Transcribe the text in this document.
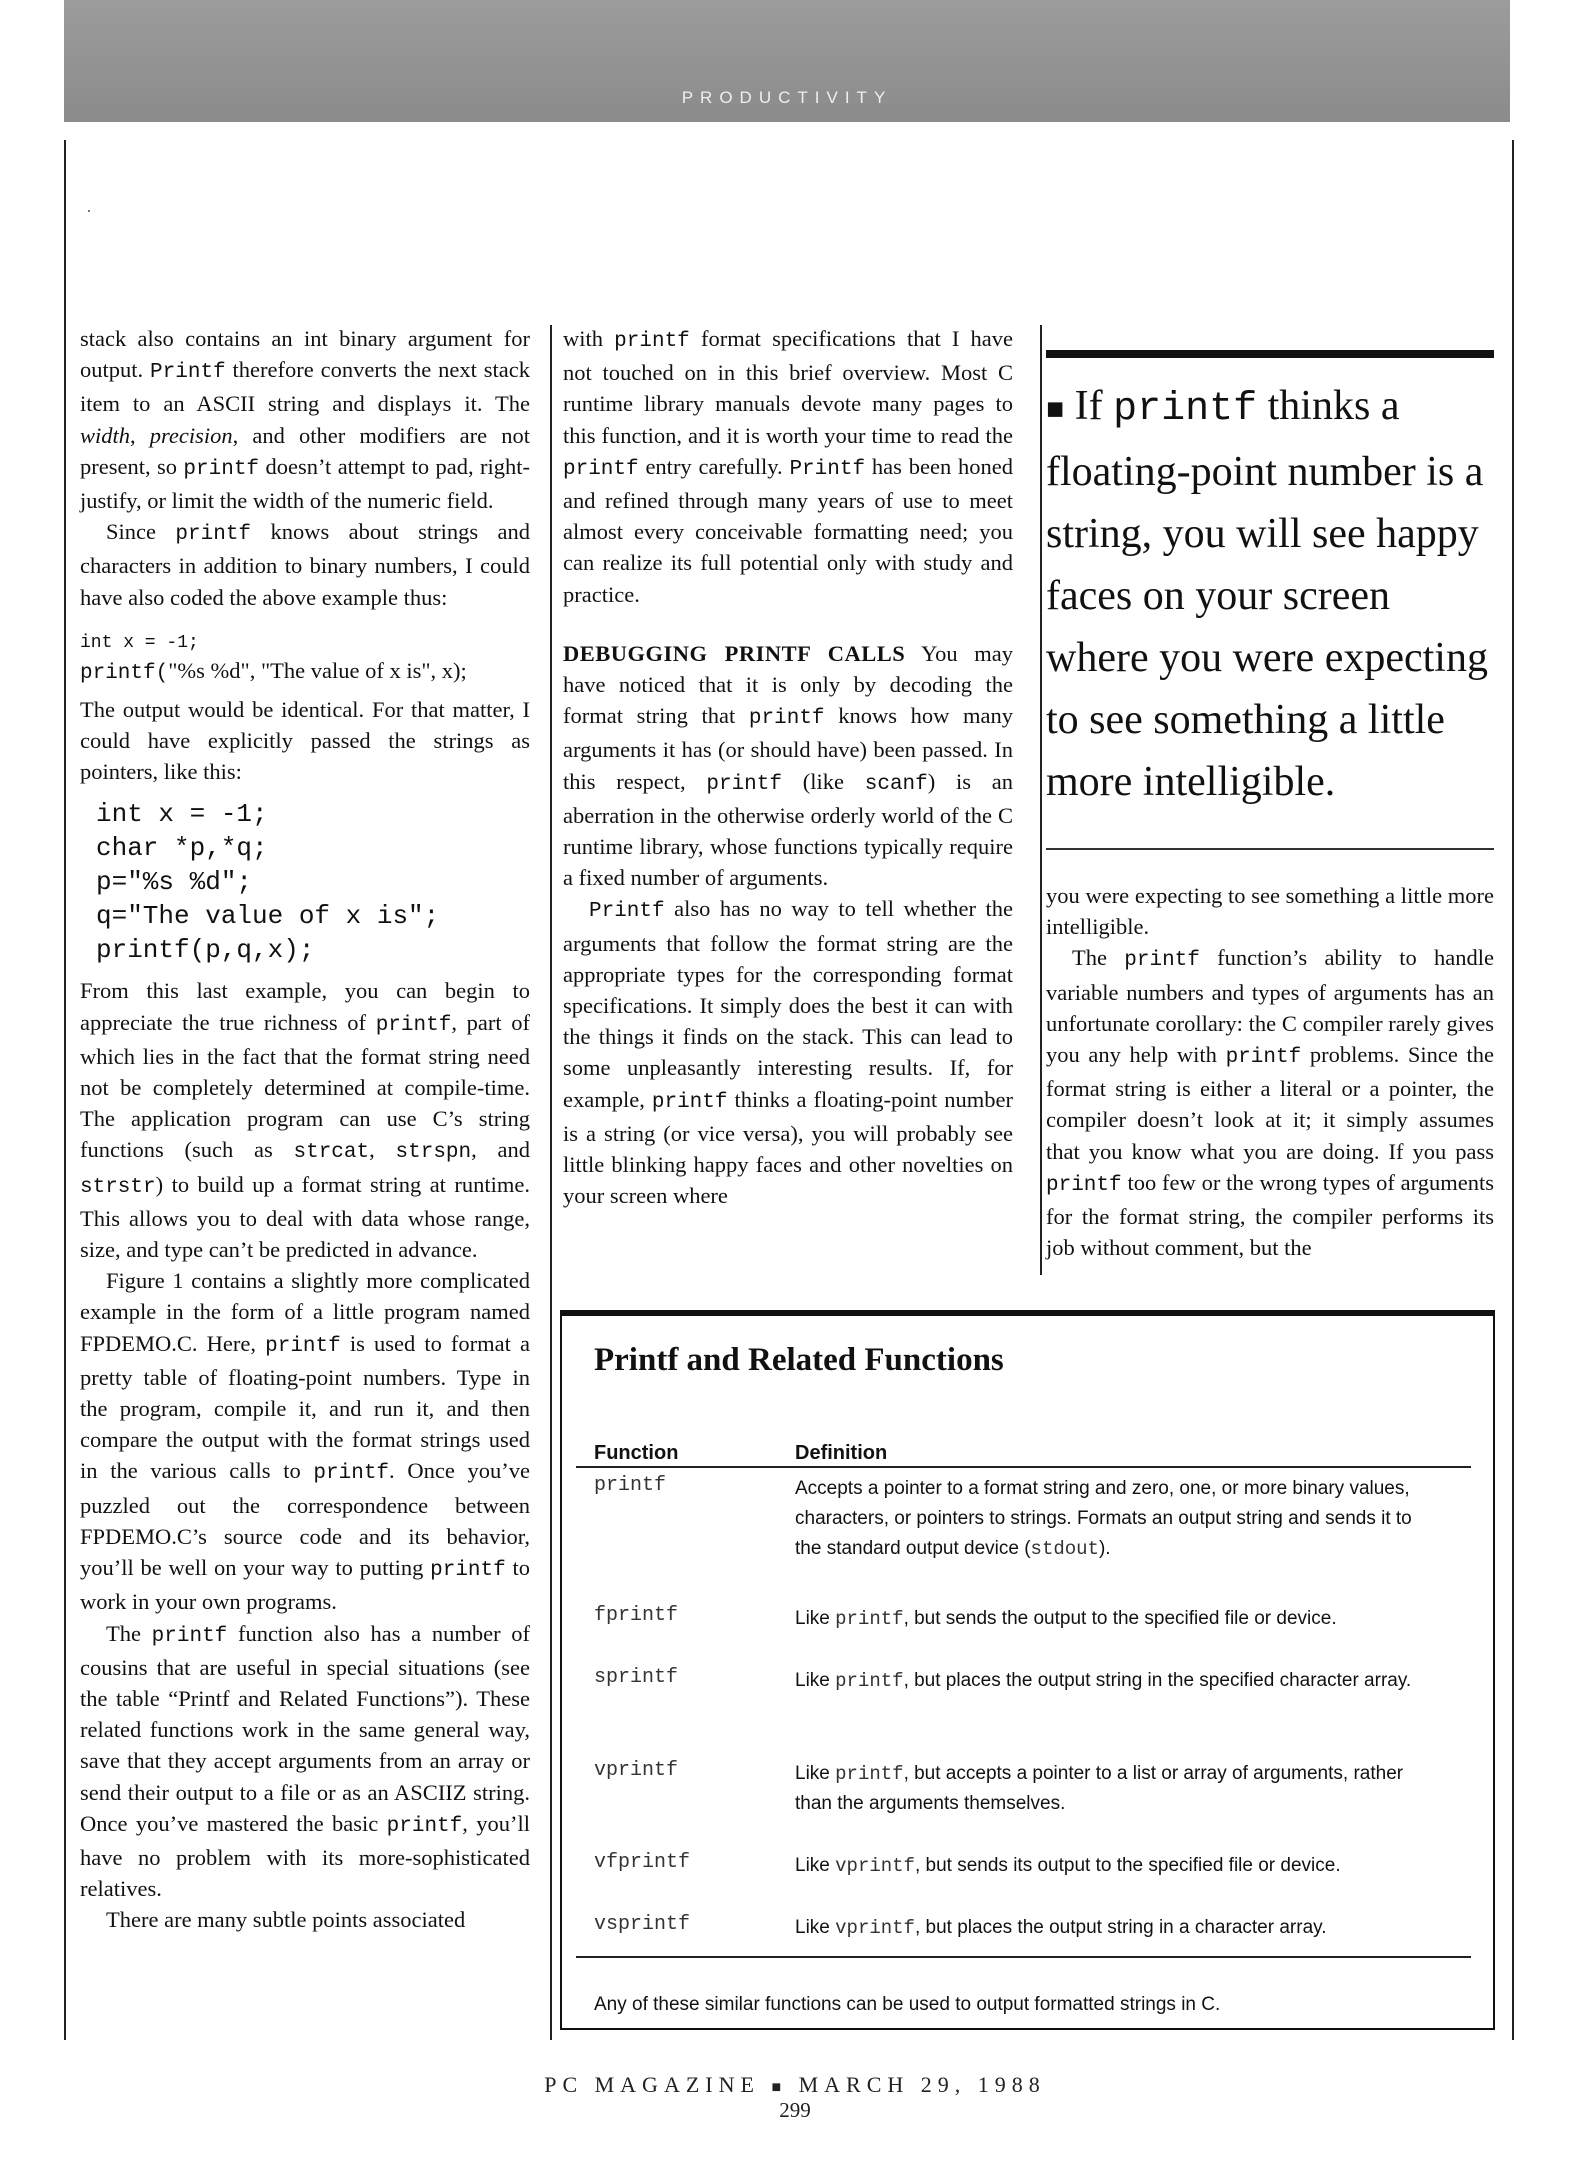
PRODUCTIVITY

stack also contains an int binary argument for output. Printf therefore converts the next stack item to an ASCII string and displays it. The width, precision, and other modifiers are not present, so printf doesn’t attempt to pad, right-justify, or limit the width of the numeric field.

Since printf knows about strings and characters in addition to binary numbers, I could have also coded the above example thus:

int x = -1;
printf("%s %d", "The value of x is", x);

The output would be identical. For that matter, I could have explicitly passed the strings as pointers, like this:

int x = -1;
char *p,*q;
p="%s %d";
q="The value of x is";
printf(p,q,x);

From this last example, you can begin to appreciate the true richness of printf, part of which lies in the fact that the format string need not be completely determined at compile-time. The application program can use C’s string functions (such as strcat, strspn, and strstr) to build up a format string at runtime. This allows you to deal with data whose range, size, and type can’t be predicted in advance.

Figure 1 contains a slightly more complicated example in the form of a little program named FPDEMO.C. Here, printf is used to format a pretty table of floating-point numbers. Type in the program, compile it, and run it, and then compare the output with the format strings used in the various calls to printf. Once you’ve puzzled out the correspondence between FPDEMO.C’s source code and its behavior, you’ll be well on your way to putting printf to work in your own programs.

The printf function also has a number of cousins that are useful in special situations (see the table “Printf and Related Functions”). These related functions work in the same general way, save that they accept arguments from an array or send their output to a file or as an ASCIIZ string. Once you’ve mastered the basic printf, you’ll have no problem with its more-sophisticated relatives.

There are many subtle points associated

with printf format specifications that I have not touched on in this brief overview. Most C runtime library manuals devote many pages to this function, and it is worth your time to read the printf entry carefully. Printf has been honed and refined through many years of use to meet almost every conceivable formatting need; you can realize its full potential only with study and practice.

DEBUGGING PRINTF CALLS You may have noticed that it is only by decoding the format string that printf knows how many arguments it has (or should have) been passed. In this respect, printf (like scanf) is an aberration in the otherwise orderly world of the C runtime library, whose functions typically require a fixed number of arguments.

Printf also has no way to tell whether the arguments that follow the format string are the appropriate types for the corresponding format specifications. It simply does the best it can with the things it finds on the stack. This can lead to some unpleasantly interesting results. If, for example, printf thinks a floating-point number is a string (or vice versa), you will probably see little blinking happy faces and other novelties on your screen where

■ If printf thinks a floating-point number is a string, you will see happy faces on your screen where you were expecting to see something a little more intelligible.

you were expecting to see something a little more intelligible.

The printf function’s ability to handle variable numbers and types of arguments has an unfortunate corollary: the C compiler rarely gives you any help with printf problems. Since the format string is either a literal or a pointer, the compiler doesn’t look at it; it simply assumes that you know what you are doing. If you pass printf too few or the wrong types of arguments for the format string, the compiler performs its job without comment, but the

Printf and Related Functions
Function	Definition
printf	Accepts a pointer to a format string and zero, one, or more binary values, characters, or pointers to strings. Formats an output string and sends it to the standard output device (stdout).
fprintf	Like printf, but sends the output to the specified file or device.
sprintf	Like printf, but places the output string in the specified character array.
vprintf	Like printf, but accepts a pointer to a list or array of arguments, rather than the arguments themselves.
vfprintf	Like vprintf, but sends its output to the specified file or device.
vsprintf	Like vprintf, but places the output string in a character array.
Any of these similar functions can be used to output formatted strings in C.
PC MAGAZINE ■ MARCH 29, 1988
299
